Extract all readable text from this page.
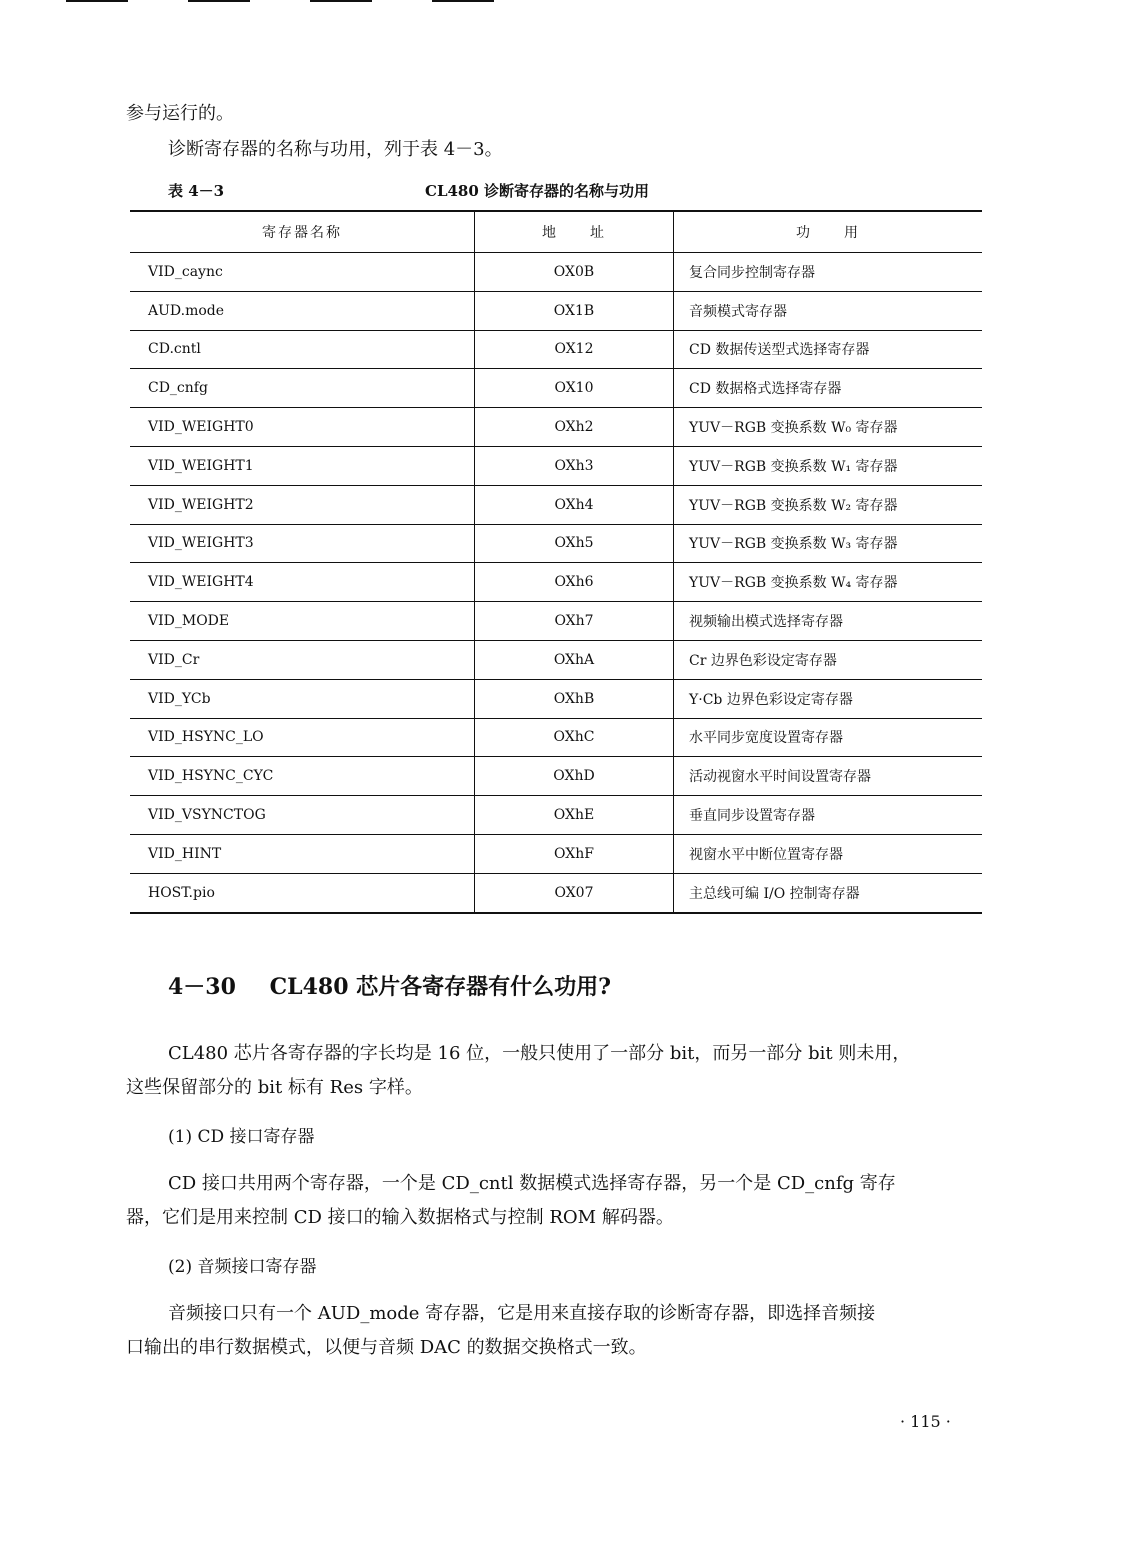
参与运行的。
诊断寄存器的名称与功用，列于表 4－3。
表 4－3	CL480 诊断寄存器的名称与功用
寄存器名称	地　　址	功　　用
VID_caync	OX0B	复合同步控制寄存器
AUD.mode	OX1B	音频模式寄存器
CD.cntl	OX12	CD 数据传送型式选择寄存器
CD_cnfg	OX10	CD 数据格式选择寄存器
VID_WEIGHT0	OXh2	YUV－RGB 变换系数 W₀ 寄存器
VID_WEIGHT1	OXh3	YUV－RGB 变换系数 W₁ 寄存器
VID_WEIGHT2	OXh4	YUV－RGB 变换系数 W₂ 寄存器
VID_WEIGHT3	OXh5	YUV－RGB 变换系数 W₃ 寄存器
VID_WEIGHT4	OXh6	YUV－RGB 变换系数 W₄ 寄存器
VID_MODE	OXh7	视频输出模式选择寄存器
VID_Cr	OXhA	Cr 边界色彩设定寄存器
VID_YCb	OXhB	Y·Cb 边界色彩设定寄存器
VID_HSYNC_LO	OXhC	水平同步宽度设置寄存器
VID_HSYNC_CYC	OXhD	活动视窗水平时间设置寄存器
VID_VSYNCTOG	OXhE	垂直同步设置寄存器
VID_HINT	OXhF	视窗水平中断位置寄存器
HOST.pio	OX07	主总线可编 I/O 控制寄存器
4－30 CL480 芯片各寄存器有什么功用?
CL480 芯片各寄存器的字长均是 16 位，一般只使用了一部分 bit，而另一部分 bit 则未用，
这些保留部分的 bit 标有 Res 字样。
(1) CD 接口寄存器
CD 接口共用两个寄存器，一个是 CD_cntl 数据模式选择寄存器，另一个是 CD_cnfg 寄存
器，它们是用来控制 CD 接口的输入数据格式与控制 ROM 解码器。
(2) 音频接口寄存器
音频接口只有一个 AUD_mode 寄存器，它是用来直接存取的诊断寄存器，即选择音频接
口输出的串行数据模式，以便与音频 DAC 的数据交换格式一致。
· 115 ·
